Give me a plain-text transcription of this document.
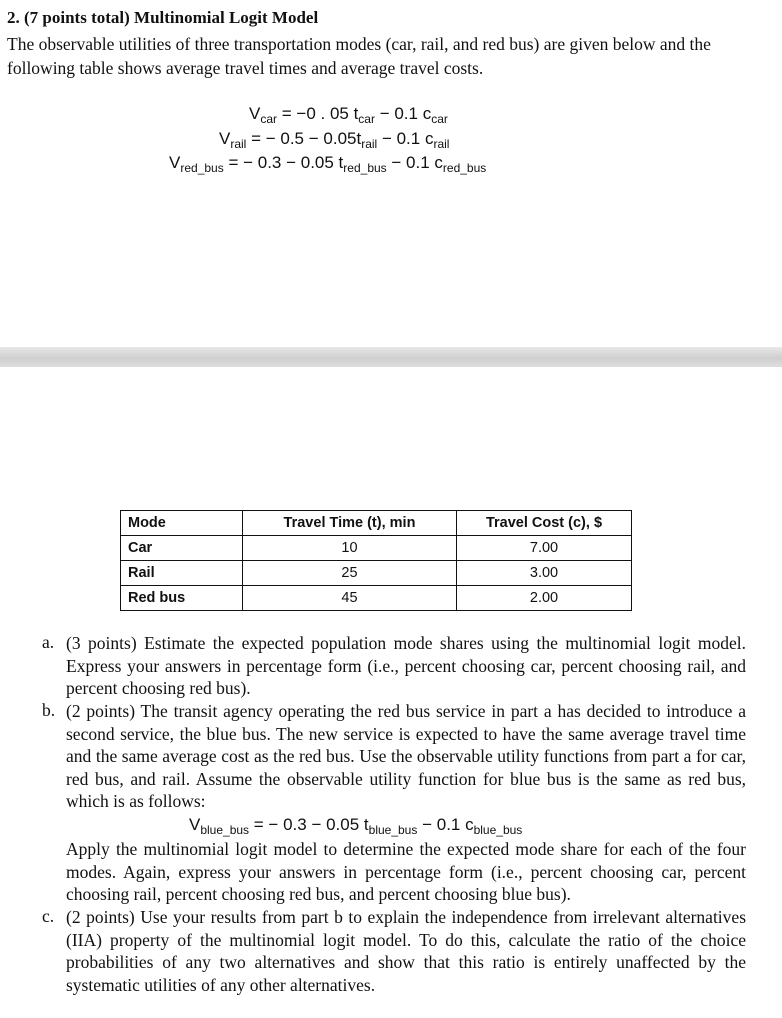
2. (7 points total) Multinomial Logit Model
The observable utilities of three transportation modes (car, rail, and red bus) are given below and the following table shows average travel times and average travel costs.
$V_{car} = -0$ . 05 $t_{car} - 0.1$ $c_{car}$
$V_{rail}$ = − $0.5 - 0.05t_{rail} - 0.1$ $c_{rail}$
$V_{red\_bus}$ = − 0.3 − 0.05 $t_{red\_bus} - 0.1$ $c_{red\_bus}$
Mode	Travel Time (t), min	Travel Cost (c), $
Car	10	7.00
Rail	25	3.00
Red bus	45	2.00
a. (3 points) Estimate the expected population mode shares using the multinomial logit model. Express your answers in percentage form (i.e., percent choosing car, percent choosing rail, and percent choosing red bus).
b. (2 points) The transit agency operating the red bus service in part a has decided to introduce a second service, the blue bus. The new service is expected to have the same average travel time and the same average cost as the red bus. Use the observable utility functions from part a for car, red bus, and rail. Assume the observable utility function for blue bus is the same as red bus, which is as follows:
$V_{blue\_bus}$ = − 0.3 − 0.05 $t_{blue\_bus} - 0.1$ $c_{blue\_bus}$
Apply the multinomial logit model to determine the expected mode share for each of the four modes. Again, express your answers in percentage form (i.e., percent choosing car, percent choosing rail, percent choosing red bus, and percent choosing blue bus).
c. (2 points) Use your results from part b to explain the independence from irrelevant alternatives (IIA) property of the multinomial logit model. To do this, calculate the ratio of the choice probabilities of any two alternatives and show that this ratio is entirely unaffected by the systematic utilities of any other alternatives.
